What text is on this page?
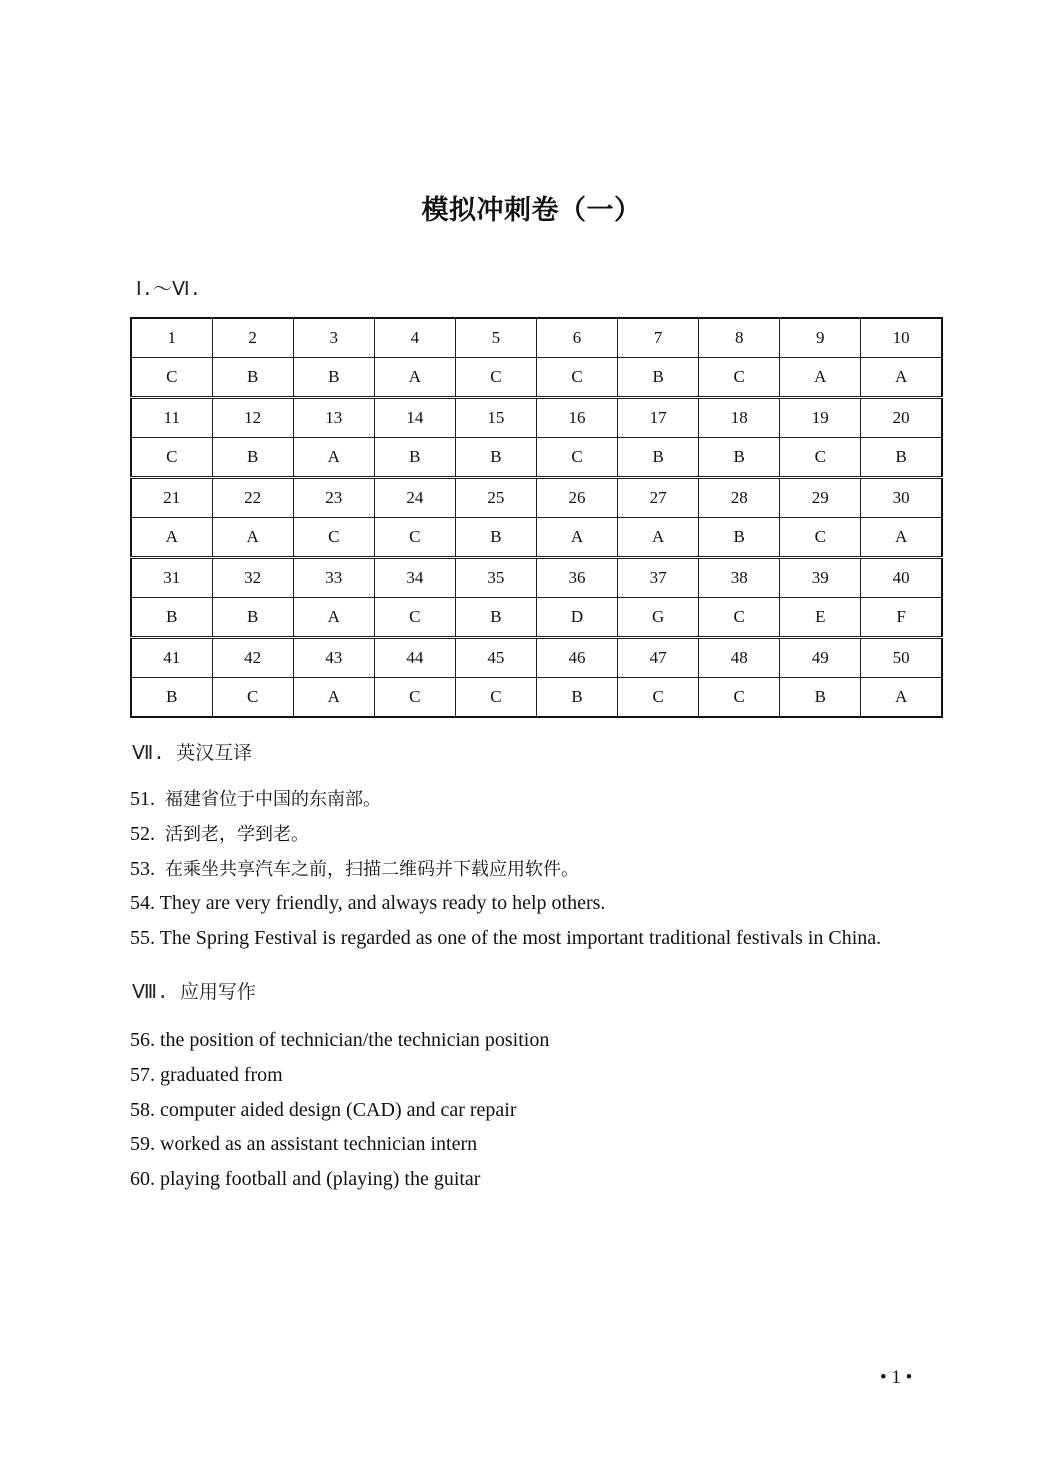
模拟冲刺卷（一）
Ⅰ.～Ⅵ.
1	2	3	4	5	6	7	8	9	10
C	B	B	A	C	C	B	C	A	A
11	12	13	14	15	16	17	18	19	20
C	B	A	B	B	C	B	B	C	B
21	22	23	24	25	26	27	28	29	30
A	A	C	C	B	A	A	B	C	A
31	32	33	34	35	36	37	38	39	40
B	B	A	C	B	D	G	C	E	F
41	42	43	44	45	46	47	48	49	50
B	C	A	C	C	B	C	C	B	A
Ⅶ. 英汉互译
51. 福建省位于中国的东南部。
52. 活到老，学到老。
53. 在乘坐共享汽车之前，扫描二维码并下载应用软件。
54. They are very friendly, and always ready to help others.
55. The Spring Festival is regarded as one of the most important traditional festivals in China.
Ⅷ. 应用写作
56. the position of technician/the technician position
57. graduated from
58. computer aided design (CAD) and car repair
59. worked as an assistant technician intern
60. playing football and (playing) the guitar
• 1 •
